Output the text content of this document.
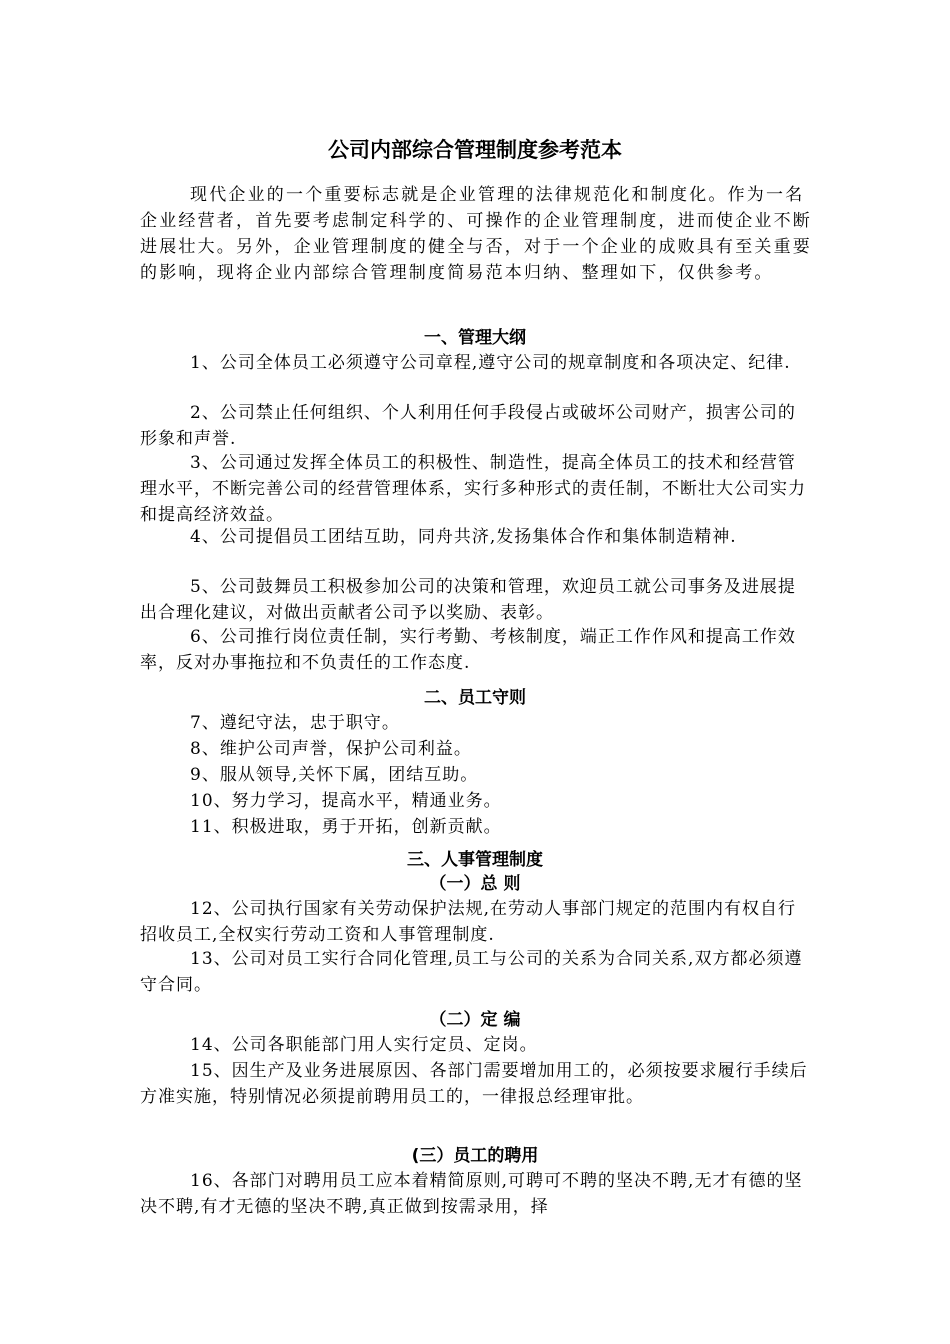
公司内部综合管理制度参考范本

现代企业的一个重要标志就是企业管理的法律规范化和制度化。作为一名企业经营者，首先要考虑制定科学的、可操作的企业管理制度，进而使企业不断进展壮大。另外，企业管理制度的健全与否，对于一个企业的成败具有至关重要的影响，现将企业内部综合管理制度简易范本归纳、整理如下，仅供参考。

一、管理大纲

1、公司全体员工必须遵守公司章程,遵守公司的规章制度和各项决定、纪律.

2、公司禁止任何组织、个人利用任何手段侵占或破坏公司财产，损害公司的形象和声誉.

3、公司通过发挥全体员工的积极性、制造性，提高全体员工的技术和经营管理水平，不断完善公司的经营管理体系，实行多种形式的责任制，不断壮大公司实力和提高经济效益。

4、公司提倡员工团结互助，同舟共济,发扬集体合作和集体制造精神.

5、公司鼓舞员工积极参加公司的决策和管理，欢迎员工就公司事务及进展提出合理化建议，对做出贡献者公司予以奖励、表彰。

6、公司推行岗位责任制，实行考勤、考核制度，端正工作作风和提高工作效率，反对办事拖拉和不负责任的工作态度.

二、员工守则

7、遵纪守法，忠于职守。

8、维护公司声誉，保护公司利益。

9、服从领导,关怀下属，团结互助。

10、努力学习，提高水平，精通业务。

11、积极进取，勇于开拓，创新贡献。

三、人事管理制度
（一）总 则

12、公司执行国家有关劳动保护法规,在劳动人事部门规定的范围内有权自行招收员工,全权实行劳动工资和人事管理制度.

13、公司对员工实行合同化管理,员工与公司的关系为合同关系,双方都必须遵守合同。

（二）定 编

14、公司各职能部门用人实行定员、定岗。

15、因生产及业务进展原因、各部门需要增加用工的，必须按要求履行手续后方准实施，特别情况必须提前聘用员工的，一律报总经理审批。

(三）员工的聘用

16、各部门对聘用员工应本着精简原则,可聘可不聘的坚决不聘,无才有德的坚决不聘,有才无德的坚决不聘,真正做到按需录用，择
